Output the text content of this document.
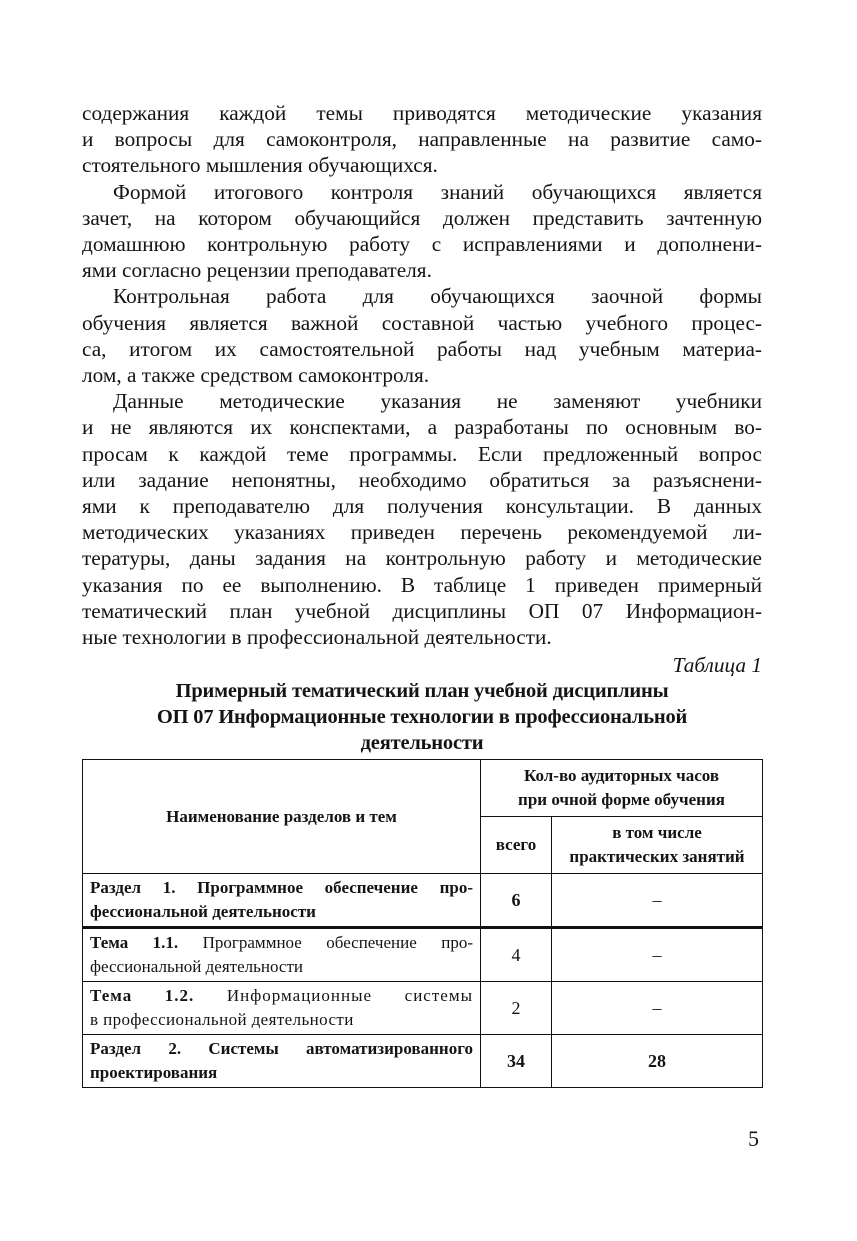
содержания каждой темы приводятся методические указания
и вопросы для самоконтроля, направленные на развитие само-
стоятельного мышления обучающихся.

Формой итогового контроля знаний обучающихся является
зачет, на котором обучающийся должен представить зачтенную
домашнюю контрольную работу с исправлениями и дополнени-
ями согласно рецензии преподавателя.

Контрольная работа для обучающихся заочной формы
обучения является важной составной частью учебного процес-
са, итогом их самостоятельной работы над учебным материа-
лом, а также средством самоконтроля.

Данные методические указания не заменяют учебники
и не являются их конспектами, а разработаны по основным во-
просам к каждой теме программы. Если предложенный вопрос
или задание непонятны, необходимо обратиться за разъяснени-
ями к преподавателю для получения консультации. В данных
методических указаниях приведен перечень рекомендуемой ли-
тературы, даны задания на контрольную работу и методические
указания по ее выполнению. В таблице 1 приведен примерный
тематический план учебной дисциплины ОП 07 Информацион-
ные технологии в профессиональной деятельности.

Таблица 1
Примерный тематический план учебной дисциплины
ОП 07 Информационные технологии в профессиональной
деятельности
Наименование разделов и тем	Кол-во аудиторных часов
при очной форме обучения	

	всего	в том числе
практических занятий

Раздел 1. Программное обеспечение про-
фессиональной деятельности	6	–

Тема 1.1. Программное обеспечение про-
фессиональной деятельности	4	–

Тема 1.2. Информационные системы
в профессиональной деятельности	2	–

Раздел 2. Системы автоматизированного
проектирования	34	28
5
